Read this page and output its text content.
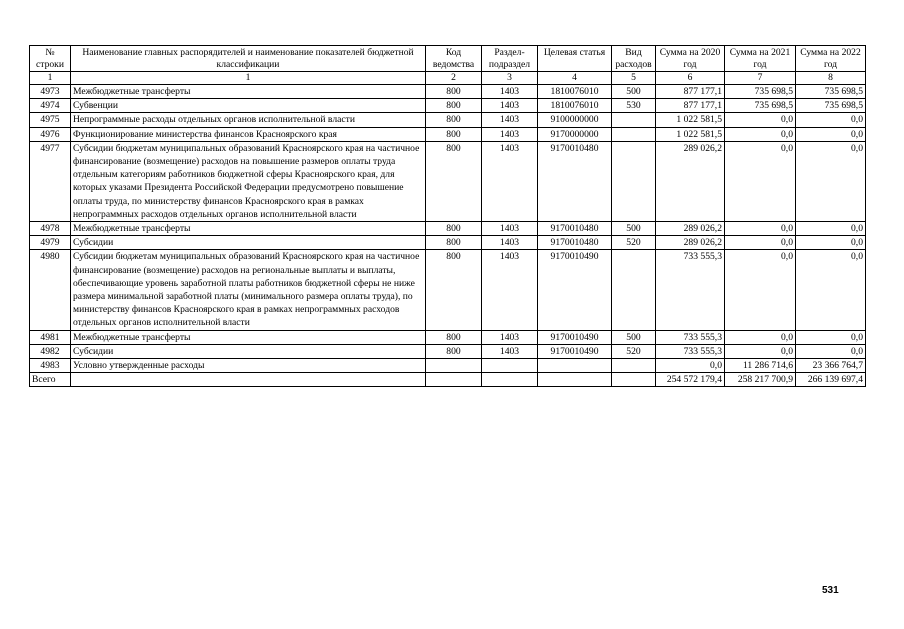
№ строки	Наименование главных распорядителей и наименование показателей бюджетной классификации	Код ведомства	Раздел-подраздел	Целевая статья	Вид расходов	Сумма на 2020 год	Сумма на 2021 год	Сумма на 2022 год
1	1	2	3	4	5	6	7	8
4973	Межбюджетные трансферты	800	1403	1810076010	500	877 177,1	735 698,5	735 698,5
4974	Субвенции	800	1403	1810076010	530	877 177,1	735 698,5	735 698,5
4975	Непрограммные расходы отдельных органов исполнительной власти	800	1403	9100000000		1 022 581,5	0,0	0,0
4976	Функционирование министерства финансов Красноярского края	800	1403	9170000000		1 022 581,5	0,0	0,0
4977	Субсидии бюджетам муниципальных образований Красноярского края на частичное финансирование (возмещение) расходов на повышение размеров оплаты труда отдельным категориям работников бюджетной сферы Красноярского края, для которых указами Президента Российской Федерации предусмотрено повышение оплаты труда, по министерству финансов Красноярского края в рамках непрограммных расходов отдельных органов исполнительной власти	800	1403	9170010480		289 026,2	0,0	0,0
4978	Межбюджетные трансферты	800	1403	9170010480	500	289 026,2	0,0	0,0
4979	Субсидии	800	1403	9170010480	520	289 026,2	0,0	0,0
4980	Субсидии бюджетам муниципальных образований Красноярского края на частичное финансирование (возмещение) расходов на региональные выплаты и выплаты, обеспечивающие уровень заработной платы работников бюджетной сферы не ниже размера минимальной заработной платы (минимального размера оплаты труда), по министерству финансов Красноярского края в рамках непрограммных расходов отдельных органов исполнительной власти	800	1403	9170010490		733 555,3	0,0	0,0
4981	Межбюджетные трансферты	800	1403	9170010490	500	733 555,3	0,0	0,0
4982	Субсидии	800	1403	9170010490	520	733 555,3	0,0	0,0
4983	Условно утвержденные расходы					0,0	11 286 714,6	23 366 764,7
Всего						254 572 179,4	258 217 700,9	266 139 697,4
531
